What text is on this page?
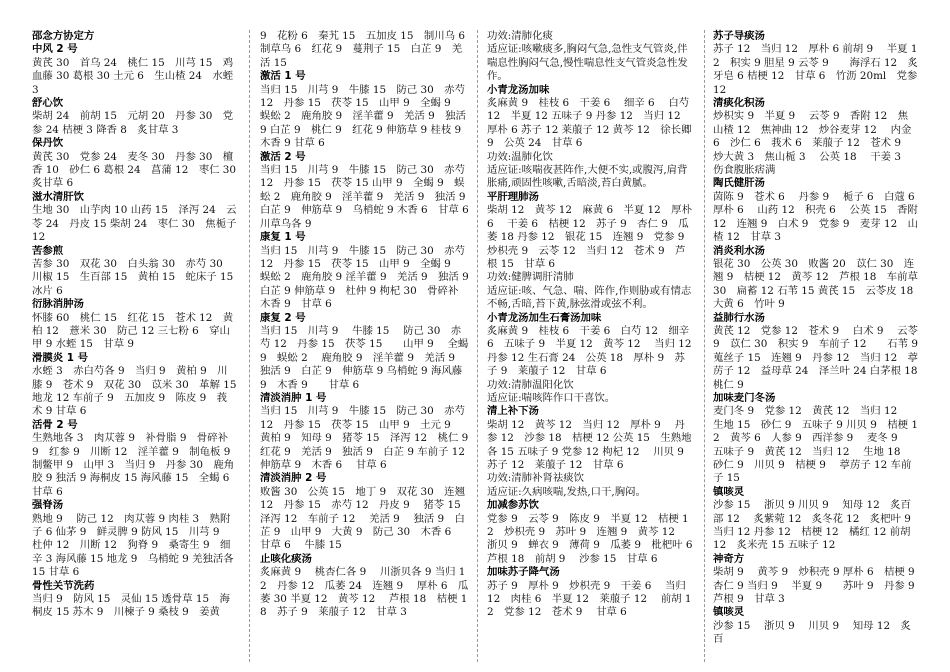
邵念方协定方
中风 2 号
黄芪 30　首乌 24　桃仁 15　川芎 15　鸡血藤 30 葛根 30 土元 6　生山楂 24　水蛭 3
舒心饮
柴胡 24　前胡 15　元胡 20　丹参 30　党参 24 桔梗 3 降香 8　炙甘草 3
保丹饮
黄芪 30　党参 24　麦冬 30　丹参 30　檀香 10　砂仁 6 葛根 24　菖蒲 12　枣仁 30　炙甘草 6
滋水清肝饮
生地 30　山芋肉 10 山药 15　泽泻 24　云苓 24　丹皮 15 柴胡 24　枣仁 30　焦栀子 12
苦参煎
苦参 30　双花 30　白头翁 30　赤芍 30　川椒 15　生百部 15　黄柏 15　蛇床子 15　冰片 6
衍脉消肿汤
怀膝 60　桃仁 15　红花 15　苍术 12　黄柏 12　薏米 30　防己 12 三七粉 6　穿山甲 9 水蛭 15　甘草 9
滑膜炎 1 号
水蛭 3　赤白芍各 9　当归 9　黄柏 9　川膝 9　苍术 9　双花 30　苡米 30　革解 15　地龙 12 车前子 9　五加皮 9　陈皮 9　莪术 9 甘草 6
活骨 2 号
生熟地各 3　肉苁蓉 9　补骨脂 9　骨碎补 9　红参 9　川断 12　淫羊藿 9　制龟板 9　制鳖甲 9　山甲 3　当归 9　丹参 30　鹿角胶 9 独活 9 海桐皮 15 海风藤 15　全蝎 6　甘草 6
强脊汤
熟地 9　 防己 12　肉苁蓉 9 肉桂 3　熟附子 6 仙茅 9　鲜灵脾 9 防风 15　川芎 9　杜仲 12　川断 12　狗脊 9　桑寄生 9　细辛 3 海风藤 15 地龙 9　乌梢蛇 9 羌独活各 15 甘草 6
骨性关节洗药
当归 9　防风 15　灵仙 15 透骨草 15　海桐皮 15 苏木 9　川楝子 9 桑枝 9　姜黄
9　花粉 6　秦艽 15　五加皮 15　制川乌 6　制草乌 6　红花 9　蔓荆子 15　白芷 9　羌活 15
激活 1 号
当归 15　川芎 9　牛膝 15　防己 30　赤芍 12　丹参 15　茯苓 15　山甲 9　全蝎 9　蜈蚣 2　鹿角胶 9　淫羊藿 9　羌活 9　独活 9 白芷 9　桃仁 9　红花 9 伸筋草 9 桂枝 9 木香 9 甘草 6
激活 2 号
当归 15　川芎 9　牛膝 15　防己 30　赤芍 12　丹参 15　茯苓 15 山甲 9　全蝎 9　蜈蚣 2　鹿角胶 9　淫羊藿 9　羌活 9　独活 9 白芷 9　伸筋草 9　乌梢蛇 9 木香 6　甘草 6 川草乌各 9
康复 1 号
当归 15　川芎 9　牛膝 15　防己 30　赤芍 12　丹参 15　茯苓 15　山甲 9　全蝎 9　蜈蚣 2　鹿角胶 9 淫羊藿 9　羌活 9　独活 9　白芷 9 伸筋草 9　杜仲 9 枸杞 30　骨碎补 木香 9　甘草 6
康复 2 号
当归 15　川芎 9　 牛膝 15　 防己 30　赤芍 12　丹参 15　茯苓 15　　山甲 9　 全蝎 9　蜈蚣 2　 鹿角胶 9　淫羊藿 9　羌活 9　独活 9　白芷 9　伸筋草 9 乌梢蛇 9 海风藤 9　木香 9　　甘草 6
清淡消肿 1 号
当归 15　川芎 9　牛膝 15　防己 30　赤芍 12　丹参 15　茯苓 15　山甲 9　土元 9　黄柏 9　知母 9　猪苓 15　泽泻 12　桃仁 9　红花 9　羌活 9　独活 9　白芷 9 车前子 12 伸筋草 9　木香 6　 甘草 6
清淡消肿 2 号
败酱 30　公英 15　地丁 9　双花 30　连翘 12　丹参 15　赤芍 12　丹皮 9　 猪苓 15　泽泻 12　车前子 12　 羌活 9　 独活 9　白芷 9　山甲 9　大黄 9　防己 30　木香 6　甘草 6　 牛膝 15
止咳化痰汤
炙麻黄 9　 桃杏仁各 9　 川浙贝各 9 当归 12　丹参 12　瓜萎 24　连翘 9　 厚朴 6　瓜萎 30 半夏 12　黄芩 12　 芦根 18　桔梗 18　苏子 9　莱菔子 12　甘草 3
功效:清肺化痰
适应证:咳嗽痰多,胸闷气急,急性支气管炎,伴喘息性胸闷气急,慢性喘息性支气管炎急性发作。
小青龙汤加味
炙麻黄 9　桂枝 6　干姜 6　 细辛 6　 白芍 12　半夏 12 五味子 9 丹参 12　当归 12　厚朴 6 苏子 12 莱菔子 12 黄芩 12　徐长卿 9　公英 24　甘草 6
功效:温肺化饮
适应证:咳喘夜甚阵作,大便不实,或腹泻,肩背胀痛,顽固性咳嗽,舌暗淡,苔白黄腻。
平肝理肺汤
柴胡 12　黄芩 12　麻黄 6　半夏 12　厚朴 6　 干姜 6　桔梗 12　苏子 9　杏仁 9　瓜萎 18 丹参 12　银花 15　连翘 9　党参 9　炒枳壳 9　云苓 12　当归 12　苍术 9　芦根 15　甘草 6
功效:健脾调肝清肺
适应证:咳、气急、喘、阵作,作则胁或有情志不畅,舌暗,苔下黄,脉弦滑或弦不利。
小青龙汤加生石膏汤加味
炙麻黄 9　桂枝 6　干姜 6　白芍 12　细辛 6　五味子 9　半夏 12　黄芩 12　 当归 12　丹参 12 生石膏 24　公英 18　厚朴 9　苏子 9　莱菔子 12　甘草 6
功效:清肺温阳化饮
适应证:喘咳阵作口干喜饮。
清上补下汤
柴胡 12　黄芩 12　当归 12　厚朴 9　 丹参 12　沙参 18　桔梗 12 公英 15　生熟地各 15 五味子 9 党参 12 枸杞 12　 川贝 9　 苏子 12　莱菔子 12　甘草 6
功效:清肺补肾祛痰饮
适应证:久病咳喘,发热,口干,胸闷。
加减参苏饮
党参 9　云苓 9　陈皮 9　半夏 12　桔梗 12　炒枳壳 9　苏叶 9　连翘 9　黄芩 12　浙贝 9　蝉衣 9　薄荷 9　瓜萎 9　枇杷叶 6　芦根 18　前胡 9　 沙参 15　甘草 6
加味苏子降气汤
苏子 9　厚朴 9　炒枳壳 9　干姜 6　 当归 12　肉桂 6　半夏 12　莱菔子 12　 前胡 12　党参 12　苍术 9　 甘草 6
苏子导痰汤
苏子 12　当归 12　厚朴 6 前胡 9　 半夏 12　积实 9 胆星 9 云苓 9　　海浮石 12　炙牙皂 6 桔梗 12　甘草 6　竹沥 20ml　党参 12
清痰化积汤
炒枳实 9　半夏 9　 云苓 9　香附 12　焦山楂 12　焦神曲 12　炒谷麦芽 12　 内金 6　沙仁 6　莪术 6　莱菔子 12　苍术 9　炒大黄 3　焦山栀 3　 公英 18　 干姜 3　伤食腹胀痞满
陶氏健肝汤
茵陈 9　苍术 6　 丹参 9　 栀子 6　白蔻 6　厚朴 6　 山药 12　积壳 6　 公英 15　香附 12　连翘 9　白术 9　党参 9　麦芽 12　山楂 12　甘草 3
消炎利水汤
银花 30　公英 30　败酱 20　苡仁 30　连翘 9　桔梗 12　黄芩 12　芦根 18　车前草 30　扁蓄 12 石苇 15 黄芪 15　云苓皮 18　大黄 6　竹叶 9
益肺行水汤
黄芪 12　党参 12　苍术 9　 白术 9　 云苓 9　苡仁 30　积实 9　车前子 12　　石苇 9　蒐丝子 15　连翘 9　丹参 12　当归 12　葶苈子 12　益母草 24　泽兰叶 24 白茅根 18　桃仁 9
加味麦门冬汤
麦门冬 9　党参 12　黄芪 12　当归 12　 生地 15　砂仁 9　五味子 9 川贝 9　桔梗 12　黄芩 6　人参 9　西洋参 9　 麦冬 9　五味子 9　黄芪 12　当归 12　 生地 18　砂仁 9　川贝 9　桔梗 9　 葶苈子 12 车前子 15
镇咳灵
沙参 15　 浙贝 9 川贝 9　 知母 12　炙百部 12　 炙紫菀 12　炙冬花 12　炙杷叶 9　当归 12 丹参 12　桔梗 12　橘红 12 前胡 12　炙米壳 15 五味子 12
神奇方
柴胡 9　 黄芩 9　炒积壳 9 厚朴 6　桔梗 9　杏仁 9 当归 9　 半夏 9　　苏叶 9　丹参 9　芦根 9　甘草 3
镇咳灵
沙参 15　 浙贝 9　 川贝 9　 知母 12　炙百
